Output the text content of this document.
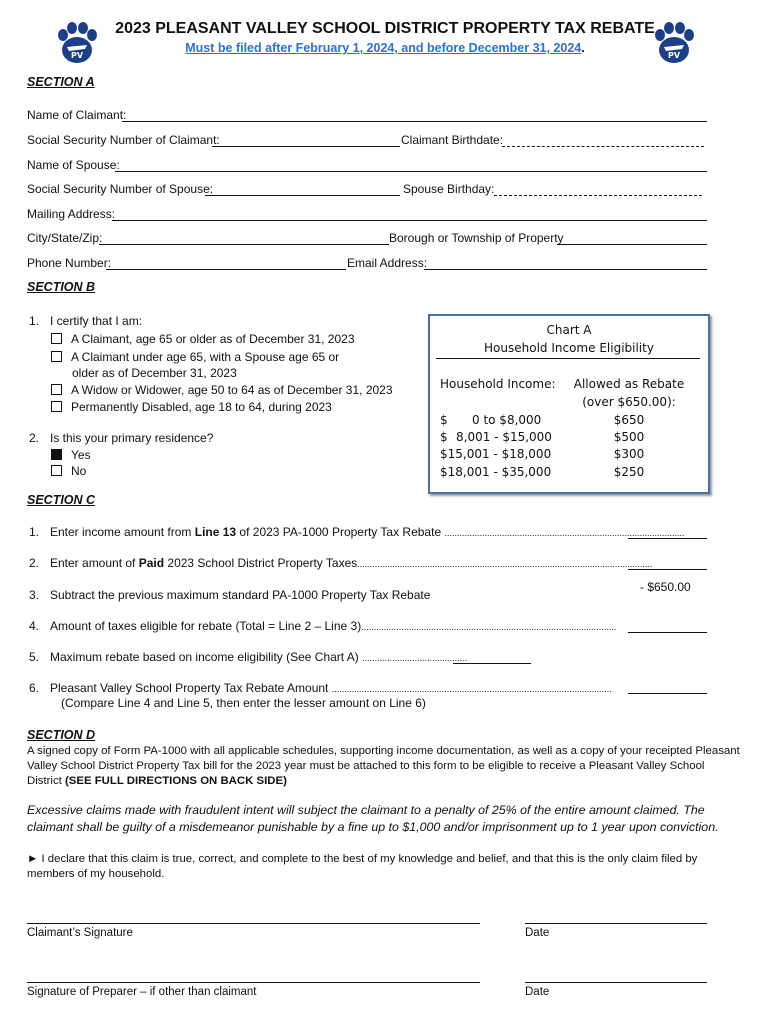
PV	PV
2023 PLEASANT VALLEY SCHOOL DISTRICT PROPERTY TAX REBATE
Must be filed after February 1, 2024, and before December 31, 2024.
SECTION A
Name of Claimant:
Social Security Number of Claimant:	Claimant Birthdate:
Name of Spouse:
Social Security Number of Spouse:	Spouse Birthday:
Mailing Address:
City/State/Zip:	Borough or Township of Property
Phone Number:	Email Address:
SECTION B
1. I certify that I am:
A Claimant, age 65 or older as of December 31, 2023
A Claimant under age 65, with a Spouse age 65 or
older as of December 31, 2023
A Widow or Widower, age 50 to 64 as of December 31, 2023
Permanently Disabled, age 18 to 64, during 2023
2. Is this your primary residence?
Yes
No
Chart A
Household Income Eligibility
Household Income:	Allowed as Rebate
(over $650.00):
$ 0 to $8,000	$650
$ 8,001 - $15,000	$500
$15,001 - $18,000	$300
$18,001 - $35,000	$250
SECTION C
1. Enter income amount from Line 13 of 2023 PA-1000 Property Tax Rebate ................................................................................................
2. Enter amount of Paid 2023 School District Property Taxes......................................................................................................................
3. Subtract the previous maximum standard PA-1000 Property Tax Rebate
- $650.00
4. Amount of taxes eligible for rebate (Total = Line 2 – Line 3)......................................................................................................
5. Maximum rebate based on income eligibility (See Chart A) ..........................................
6. Pleasant Valley School Property Tax Rebate Amount ................................................................................................................
(Compare Line 4 and Line 5, then enter the lesser amount on Line 6)
SECTION D
A signed copy of Form PA-1000 with all applicable schedules, supporting income documentation, as well as a copy of your receipted Pleasant Valley School District Property Tax bill for the 2023 year must be attached to this form to be eligible to receive a Pleasant Valley School District (SEE FULL DIRECTIONS ON BACK SIDE)
Excessive claims made with fraudulent intent will subject the claimant to a penalty of 25% of the entire amount claimed. The claimant shall be guilty of a misdemeanor punishable by a fine up to $1,000 and/or imprisonment up to 1 year upon conviction.
► I declare that this claim is true, correct, and complete to the best of my knowledge and belief, and that this is the only claim filed by members of my household.
Claimant’s Signature	Date
Signature of Preparer – if other than claimant	Date
